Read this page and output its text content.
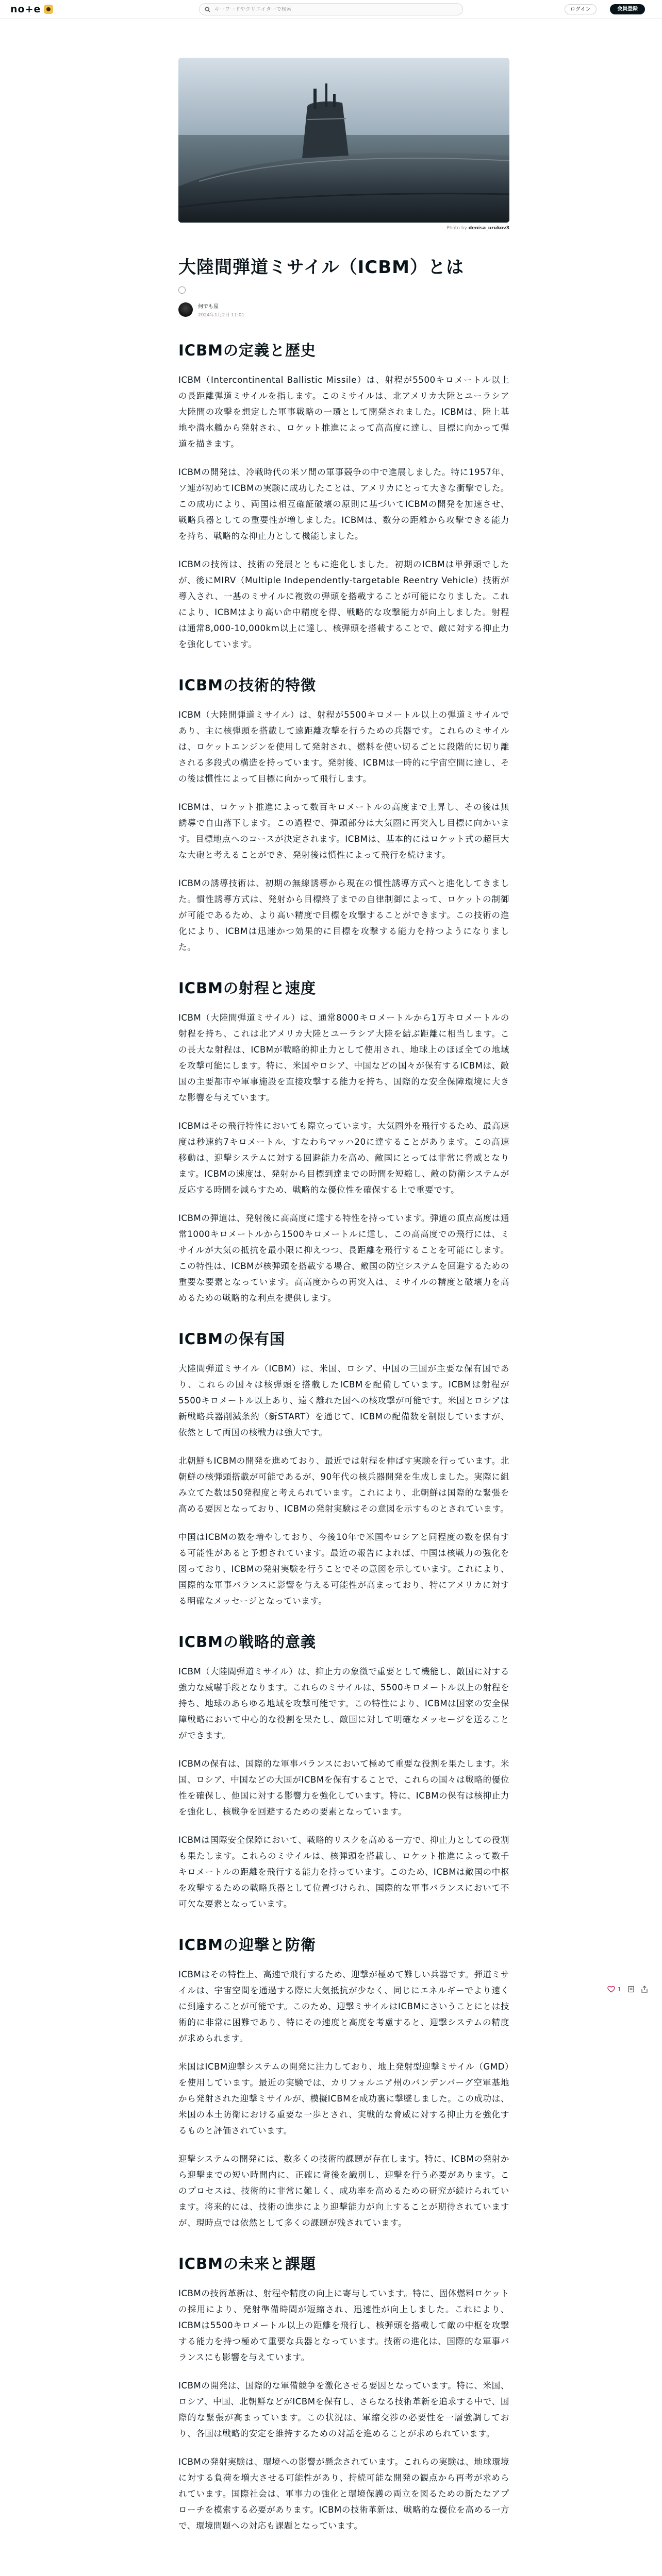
no+e
キーワードやクリエイターで検索	ログイン	会員登録
Photo by denisa_urukov3
大陸間弾道ミサイル（ICBM）とは
何でも屋
2024年1月2日 11:01
ICBMの定義と歴史

ICBM（Intercontinental Ballistic Missile）は、射程が5500キロメートル以上の長距離弾道ミサイルを指します。このミサイルは、北アメリカ大陸とユーラシア大陸間の攻撃を想定した軍事戦略の一環として開発されました。ICBMは、陸上基地や潜水艦から発射され、ロケット推進によって高高度に達し、目標に向かって弾道を描きます。

ICBMの開発は、冷戦時代の米ソ間の軍事競争の中で進展しました。特に1957年、ソ連が初めてICBMの実験に成功したことは、アメリカにとって大きな衝撃でした。この成功により、両国は相互確証破壊の原則に基づいてICBMの開発を加速させ、戦略兵器としての重要性が増しました。ICBMは、数分の距離から攻撃できる能力を持ち、戦略的な抑止力として機能しました。

ICBMの技術は、技術の発展とともに進化しました。初期のICBMは単弾頭でしたが、後にMIRV（Multiple Independently-targetable Reentry Vehicle）技術が導入され、一基のミサイルに複数の弾頭を搭載することが可能になりました。これにより、ICBMはより高い命中精度を得、戦略的な攻撃能力が向上しました。射程は通常8,000-10,000km以上に達し、核弾頭を搭載することで、敵に対する抑止力を強化しています。

ICBMの技術的特徴

ICBM（大陸間弾道ミサイル）は、射程が5500キロメートル以上の弾道ミサイルであり、主に核弾頭を搭載して遠距離攻撃を行うための兵器です。これらのミサイルは、ロケットエンジンを使用して発射され、燃料を使い切るごとに段階的に切り離される多段式の構造を持っています。発射後、ICBMは一時的に宇宙空間に達し、その後は慣性によって目標に向かって飛行します。

ICBMは、ロケット推進によって数百キロメートルの高度まで上昇し、その後は無誘導で自由落下します。この過程で、弾頭部分は大気圏に再突入し目標に向かいます。目標地点へのコースが決定されます。ICBMは、基本的にはロケット式の超巨大な大砲と考えることができ、発射後は慣性によって飛行を続けます。

ICBMの誘導技術は、初期の無線誘導から現在の慣性誘導方式へと進化してきました。慣性誘導方式は、発射から目標終了までの自律制御によって、ロケットの制御が可能であるため、より高い精度で目標を攻撃することができます。この技術の進化により、ICBMは迅速かつ効果的に目標を攻撃する能力を持つようになりました。

ICBMの射程と速度

ICBM（大陸間弾道ミサイル）は、通常8000キロメートルから1万キロメートルの射程を持ち、これは北アメリカ大陸とユーラシア大陸を結ぶ距離に相当します。この長大な射程は、ICBMが戦略的抑止力として使用され、地球上のほぼ全ての地域を攻撃可能にします。特に、米国やロシア、中国などの国々が保有するICBMは、敵国の主要都市や軍事施設を直接攻撃する能力を持ち、国際的な安全保障環境に大きな影響を与えています。

ICBMはその飛行特性においても際立っています。大気圏外を飛行するため、最高速度は秒速約7キロメートル、すなわちマッハ20に達することがあります。この高速移動は、迎撃システムに対する回避能力を高め、敵国にとっては非常に脅威となります。ICBMの速度は、発射から目標到達までの時間を短縮し、敵の防衛システムが反応する時間を減らすため、戦略的な優位性を確保する上で重要です。

ICBMの弾道は、発射後に高高度に達する特性を持っています。弾道の頂点高度は通常1000キロメートルから1500キロメートルに達し、この高高度での飛行には、ミサイルが大気の抵抗を最小限に抑えつつ、長距離を飛行することを可能にします。この特性は、ICBMが核弾頭を搭載する場合、敵国の防空システムを回避するための重要な要素となっています。高高度からの再突入は、ミサイルの精度と破壊力を高めるための戦略的な利点を提供します。

ICBMの保有国

大陸間弾道ミサイル（ICBM）は、米国、ロシア、中国の三国が主要な保有国であり、これらの国々は核弾頭を搭載したICBMを配備しています。ICBMは射程が5500キロメートル以上あり、遠く離れた国への核攻撃が可能です。米国とロシアは新戦略兵器削減条約（新START）を通じて、ICBMの配備数を制限していますが、依然として両国の核戦力は強大です。

北朝鮮もICBMの開発を進めており、最近では射程を伸ばす実験を行っています。北朝鮮の核弾頭搭載が可能であるが、90年代の核兵器開発を生成しました。実際に組み立てた数は50発程度と考えられています。これにより、北朝鮮は国際的な緊張を高める要因となっており、ICBMの発射実験はその意図を示すものとされています。

中国はICBMの数を増やしており、今後10年で米国やロシアと同程度の数を保有する可能性があると予想されています。最近の報告によれば、中国は核戦力の強化を図っており、ICBMの発射実験を行うことでその意図を示しています。これにより、国際的な軍事バランスに影響を与える可能性が高まっており、特にアメリカに対する明確なメッセージとなっています。

ICBMの戦略的意義

ICBM（大陸間弾道ミサイル）は、抑止力の象徴で重要として機能し、敵国に対する強力な威嚇手段となります。これらのミサイルは、5500キロメートル以上の射程を持ち、地球のあらゆる地域を攻撃可能です。この特性により、ICBMは国家の安全保障戦略において中心的な役割を果たし、敵国に対して明確なメッセージを送ることができます。

ICBMの保有は、国際的な軍事バランスにおいて極めて重要な役割を果たします。米国、ロシア、中国などの大国がICBMを保有することで、これらの国々は戦略的優位性を確保し、他国に対する影響力を強化しています。特に、ICBMの保有は核抑止力を強化し、核戦争を回避するための要素となっています。

ICBMは国際安全保障において、戦略的リスクを高める一方で、抑止力としての役割も果たします。これらのミサイルは、核弾頭を搭載し、ロケット推進によって数千キロメートルの距離を飛行する能力を持っています。このため、ICBMは敵国の中枢を攻撃するための戦略兵器として位置づけられ、国際的な軍事バランスにおいて不可欠な要素となっています。

ICBMの迎撃と防衛

ICBMはその特性上、高速で飛行するため、迎撃が極めて難しい兵器です。弾道ミサイルは、宇宙空間を通過する際に大気抵抗が少なく、同じにエネルギーでより速くに到達することが可能です。このため、迎撃ミサイルはICBMにさいうことにとは技術的に非常に困難であり、特にその速度と高度を考慮すると、迎撃システムの精度が求められます。

米国はICBM迎撃システムの開発に注力しており、地上発射型迎撃ミサイル（GMD）を使用しています。最近の実験では、カリフォルニア州のバンデンバーグ空軍基地から発射された迎撃ミサイルが、模擬ICBMを成功裏に撃墜しました。この成功は、米国の本土防衛における重要な一歩とされ、実戦的な脅威に対する抑止力を強化するものと評価されています。

迎撃システムの開発には、数多くの技術的課題が存在します。特に、ICBMの発射から迎撃までの短い時間内に、正確に背後を識別し、迎撃を行う必要があります。このプロセスは、技術的に非常に難しく、成功率を高めるための研究が続けられています。将来的には、技術の進歩により迎撃能力が向上することが期待されていますが、現時点では依然として多くの課題が残されています。

ICBMの未来と課題

ICBMの技術革新は、射程や精度の向上に寄与しています。特に、固体燃料ロケットの採用により、発射準備時間が短縮され、迅速性が向上しました。これにより、ICBMは5500キロメートル以上の距離を飛行し、核弾頭を搭載して敵の中枢を攻撃する能力を持つ極めて重要な兵器となっています。技術の進化は、国際的な軍事バランスにも影響を与えています。

ICBMの開発は、国際的な軍備競争を激化させる要因となっています。特に、米国、ロシア、中国、北朝鮮などがICBMを保有し、さらなる技術革新を追求する中で、国際的な緊張が高まっています。この状況は、軍縮交渉の必要性を一層強調しており、各国は戦略的安定を維持するための対話を進めることが求められています。

ICBMの発射実験は、環境への影響が懸念されています。これらの実験は、地球環境に対する負荷を増大させる可能性があり、持続可能な開発の観点から再考が求められています。国際社会は、軍事力の強化と環境保護の両立を図るための新たなアプローチを模索する必要があります。ICBMの技術革新は、戦略的な優位を高める一方で、環境問題への対応も課題となっています。

1
